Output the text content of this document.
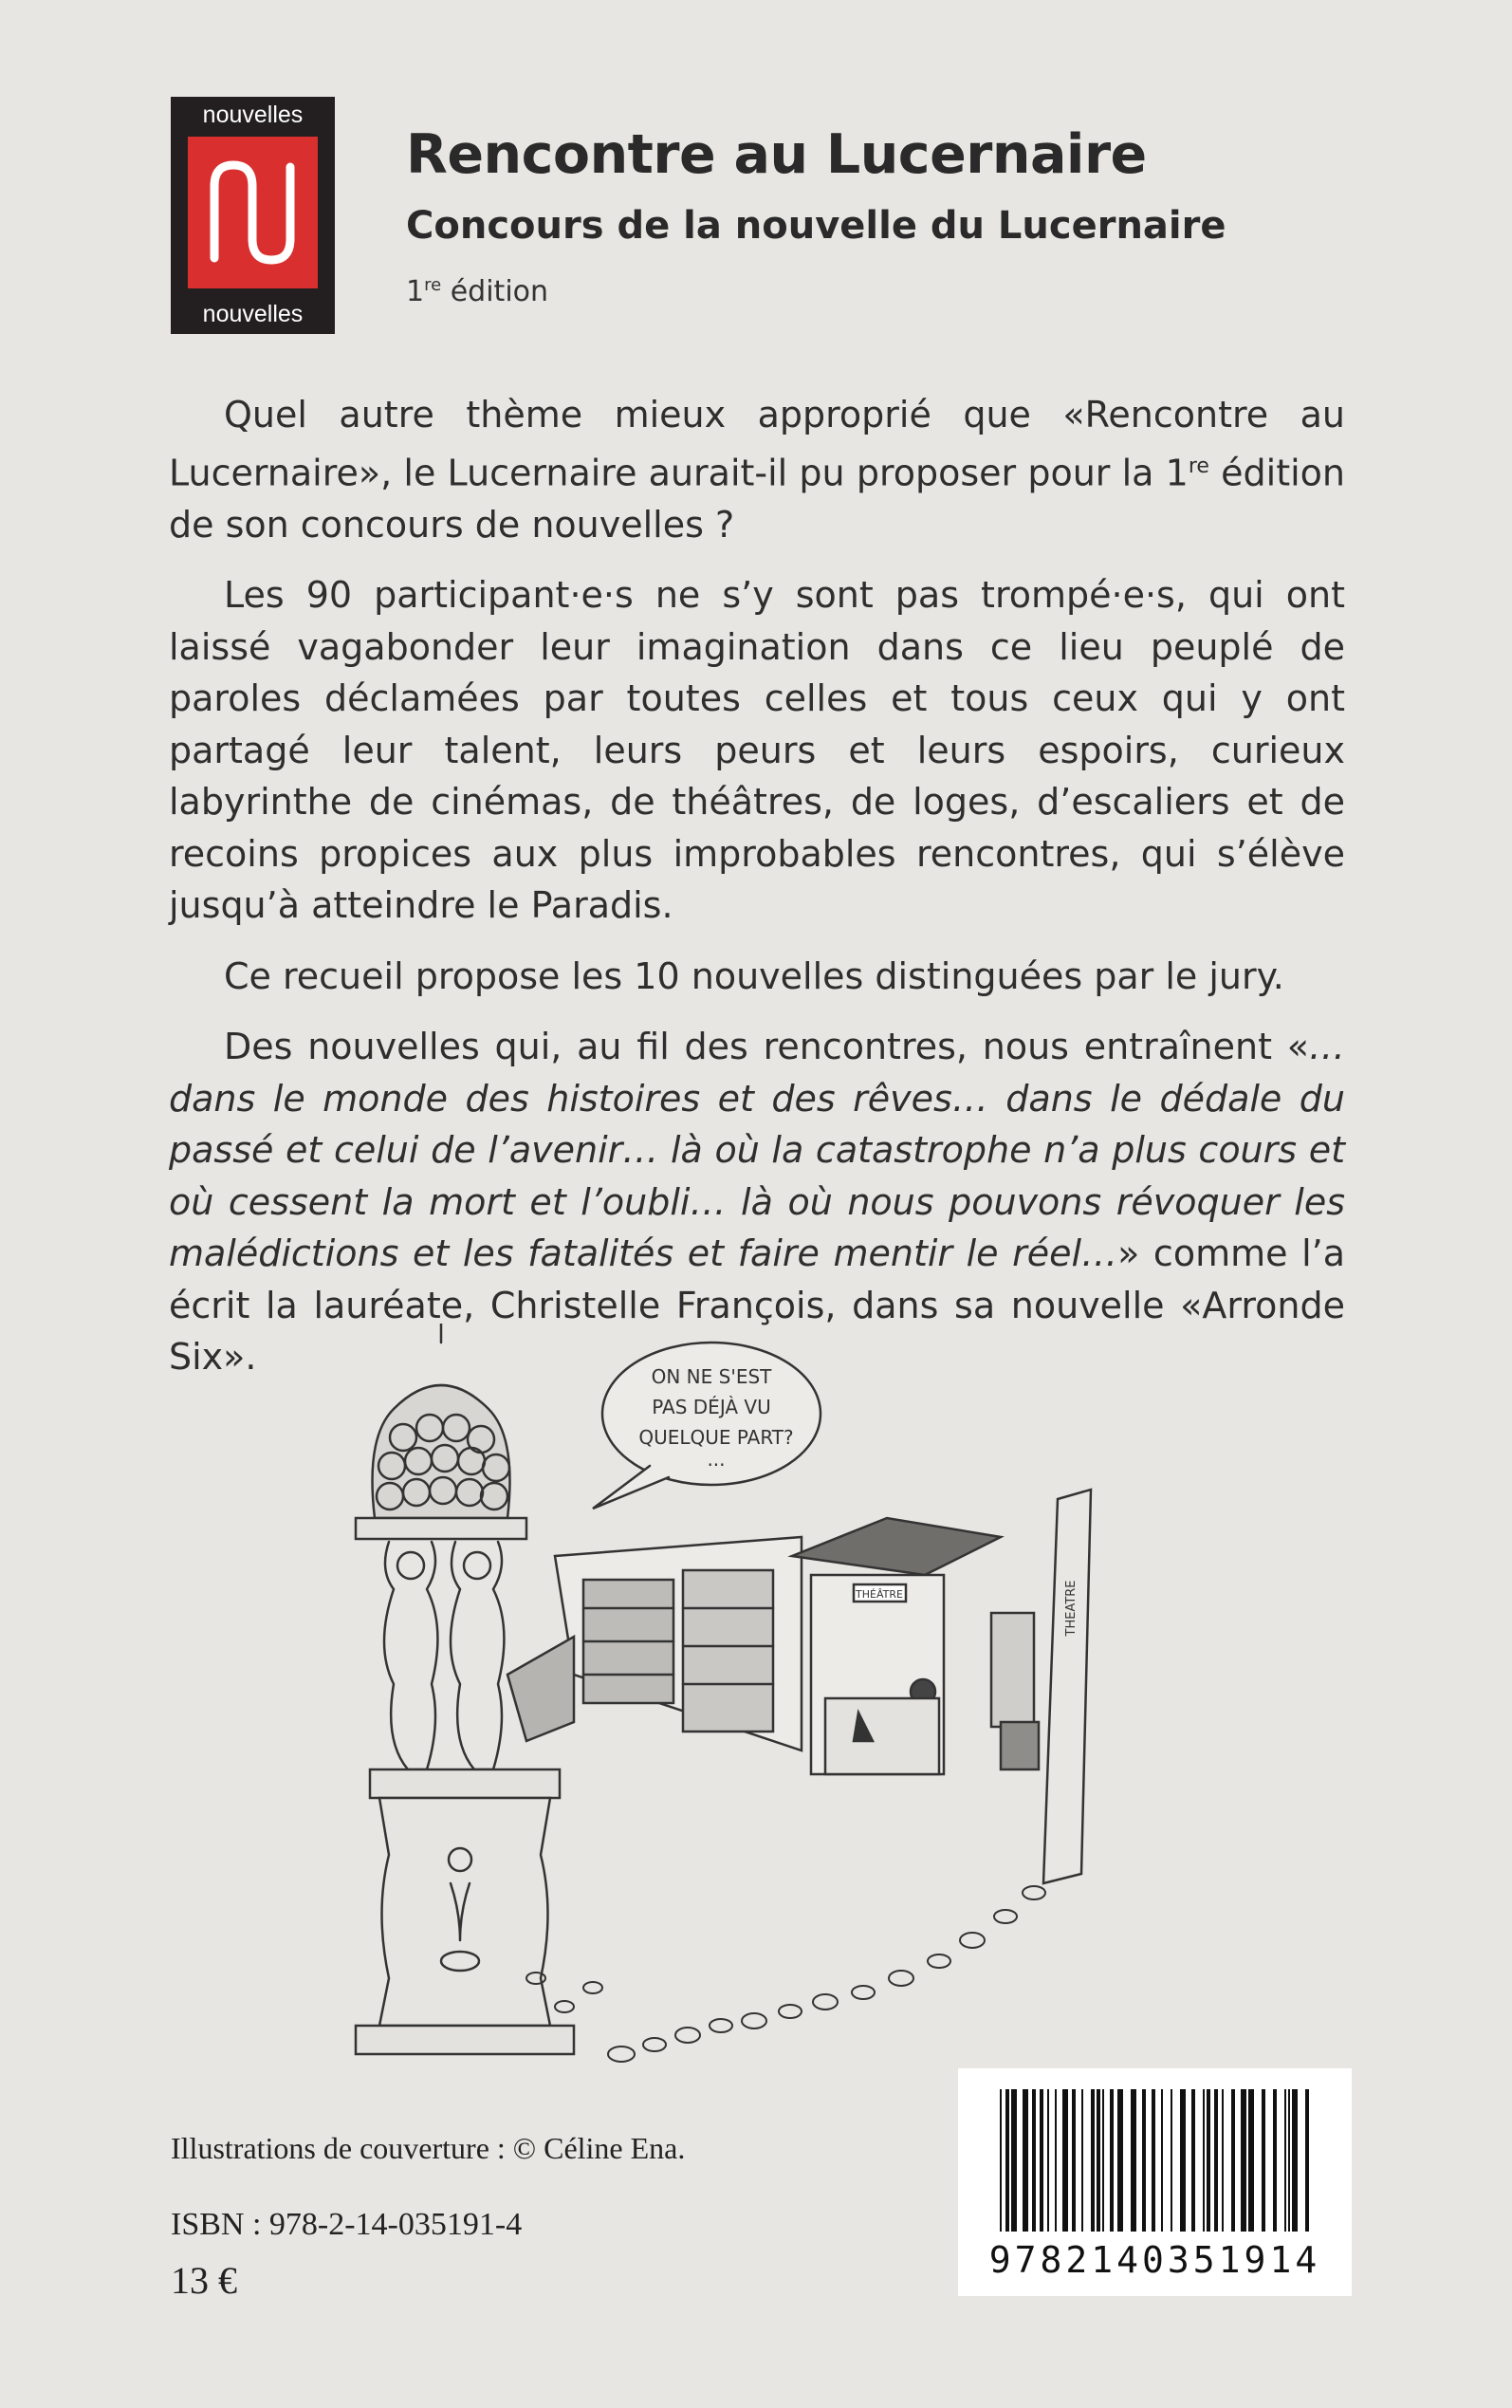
nouvelles
nouvelles
Rencontre au Lucernaire
Concours de la nouvelle du Lucernaire
1re édition

Quel autre thème mieux approprié que «Rencontre au Lucernaire», le Lucernaire aurait-il pu proposer pour la 1re édition de son concours de nouvelles ?

Les 90 participant·e·s ne s’y sont pas trompé·e·s, qui ont laissé vagabonder leur imagination dans ce lieu peuplé de paroles déclamées par toutes celles et tous ceux qui y ont partagé leur talent, leurs peurs et leurs espoirs, curieux labyrinthe de cinémas, de théâtres, de loges, d’escaliers et de recoins propices aux plus improbables rencontres, qui s’élève jusqu’à atteindre le Paradis.

Ce recueil propose les 10 nouvelles distinguées par le jury.

Des nouvelles qui, au fil des rencontres, nous entraînent «… dans le monde des histoires et des rêves… dans le dédale du passé et celui de l’avenir… là où la catastrophe n’a plus cours et où cessent la mort et l’oubli… là où nous pouvons révoquer les malédictions et les fatalités et faire mentir le réel…» comme l’a écrit la lauréate, Christelle François, dans sa nouvelle «Arronde Six».	ON NE S'EST
PAS DÉJÀ VU
QUELQUE PART?
...
THÉÂTRE	THEATRE
Illustrations de couverture : © Céline Ena.
ISBN : 978-2-14-035191-4
13 €	9782140351914
